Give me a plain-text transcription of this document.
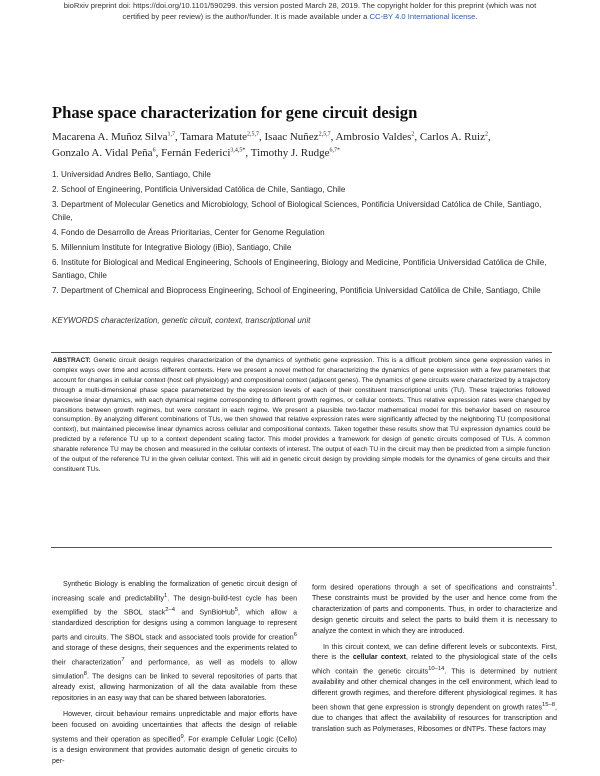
bioRxiv preprint doi: https://doi.org/10.1101/590299. this version posted March 28, 2019. The copyright holder for this preprint (which was not
certified by peer review) is the author/funder. It is made available under a CC-BY 4.0 International license.
Phase space characterization for gene circuit design
Macarena A. Muñoz Silva$^{1,7}$, Tamara Matute$^{2,5,7}$, Isaac Nuñez$^{2,5,7}$, Ambrosio Valdes$^2$, Carlos A. Ruiz$^2$,
Gonzalo A. Vidal Peña$^6$, Fernán Federici$^{3,4,5*}$, Timothy J. Rudge$^{6,7*}$
1. Universidad Andres Bello, Santiago, Chile
2. School of Engineering, Pontificia Universidad Católica de Chile, Santiago, Chile
3. Department of Molecular Genetics and Microbiology, School of Biological Sciences, Pontificia Universidad Católica de Chile, Santiago, Chile,
4. Fondo de Desarrollo de Áreas Prioritarias, Center for Genome Regulation
5. Millennium Institute for Integrative Biology (iBio), Santiago, Chile
6. Institute for Biological and Medical Engineering, Schools of Engineering, Biology and Medicine, Pontificia Universidad Católica de Chile, Santiago, Chile
7. Department of Chemical and Bioprocess Engineering, School of Engineering, Pontificia Universidad Católica de Chile, Santiago, Chile
KEYWORDS characterization, genetic circuit, context, transcriptional unit
ABSTRACT: Genetic circuit design requires characterization of the dynamics of synthetic gene expression. This is a difficult problem since gene expression varies in complex ways over time and across different contexts. Here we present a novel method for characterizing the dynamics of gene expression with a few parameters that account for changes in cellular context (host cell physiology) and compositional context (adjacent genes). The dynamics of gene circuits were characterized by a trajectory through a multi-dimensional phase space parameterized by the expression levels of each of their constituent transcriptional units (TU). These trajectories followed piecewise linear dynamics, with each dynamical regime corresponding to different growth regimes, or cellular contexts. Thus relative expression rates were changed by transitions between growth regimes, but were constant in each regime. We present a plausible two-factor mathematical model for this behavior based on resource consumption. By analyzing different combinations of TUs, we then showed that relative expression rates were significantly affected by the neighboring TU (compositional context), but maintained piecewise linear dynamics across cellular and compositional contexts. Taken together these results show that TU expression dynamics could be predicted by a reference TU up to a context dependent scaling factor. This model provides a framework for design of genetic circuits composed of TUs. A common sharable reference TU may be chosen and measured in the cellular contexts of interest. The output of each TU in the circuit may then be predicted from a simple function of the output of the reference TU in the given cellular context. This will aid in genetic circuit design by providing simple models for the dynamics of gene circuits and their constituent TUs.

Synthetic Biology is enabling the formalization of genetic circuit design of increasing scale and predictability$^1$. The design-build-test cycle has been exemplified by the SBOL stack$^{2-4}$ and SynBioHub$^5$, which allow a standardized description for designs using a common language to represent parts and circuits. The SBOL stack and associated tools provide for creation$^6$ and storage of these designs, their sequences and the experiments related to their characterization$^7$ and performance, as well as models to allow simulation$^8$. The designs can be linked to several repositories of parts that already exist, allowing harmonization of all the data available from these repositories in an easy way that can be shared between laboratories.

However, circuit behaviour remains unpredictable and major efforts have been focused on avoiding uncertainties that affects the design of reliable systems and their operation as specified$^9$. For example Cellular Logic (Cello) is a design environment that provides automatic design of genetic circuits to per-

form desired operations through a set of specifications and constraints$^1$. These constraints must be provided by the user and hence come from the characterization of parts and components. Thus, in order to characterize and design genetic circuits and select the parts to build them it is necessary to analyze the context in which they are introduced.

In this circuit context, we can define different levels or subcontexts. First, there is the cellular context, related to the physiological state of the cells which contain the genetic circuits$^{10-14}$. This is determined by nutrient availability and other chemical changes in the cell environment, which lead to different growth regimes, and therefore different physiological regimes. It has been shown that gene expression is strongly dependent on growth rates$^{15-8}$, due to changes that affect the availability of resources for transcription and translation such as Polymerases, Ribosomes or dNTPs. These factors may
